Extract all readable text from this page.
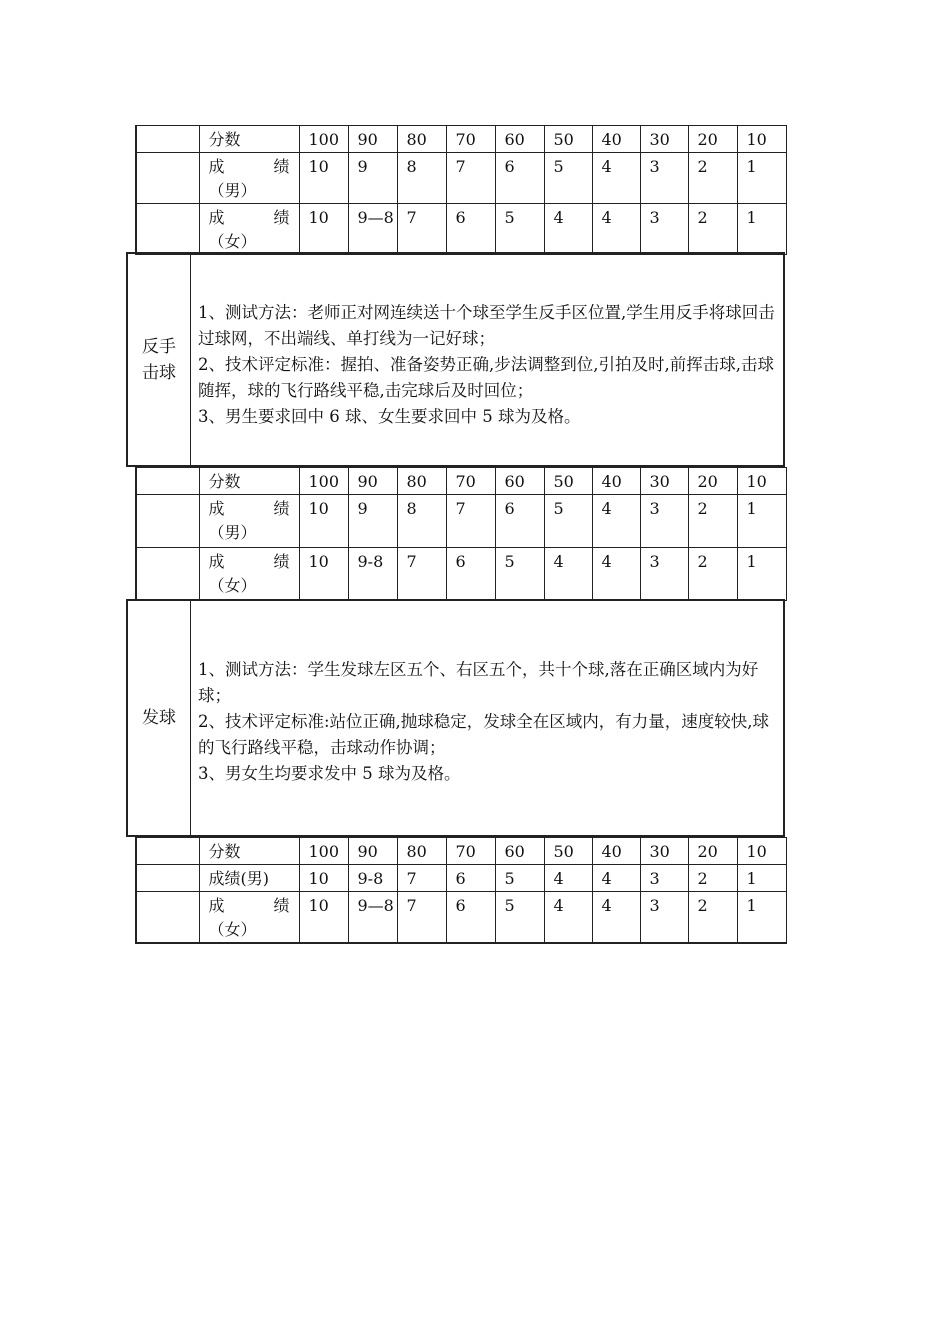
	分数	100	90	80	70	60	50	40	30	20	10

	成 绩
（男）	10	9	8	7	6	5	4	3	2	1

	成 绩
（女）	10	9—8	7	6	5	4	4	3	2	1
反手
击球

1、测试方法：老师正对网连续送十个球至学生反手区位置,学生用反手将球回击过球网，不出端线、单打线为一记好球；

2、技术评定标准：握拍、准备姿势正确,步法调整到位,引拍及时,前挥击球,击球随挥，球的飞行路线平稳,击完球后及时回位；

3、男生要求回中 6 球、女生要求回中 5 球为及格。

	分数	100	90	80	70	60	50	40	30	20	10

	成 绩
（男）	10	9	8	7	6	5	4	3	2	1

	成 绩
（女）	10	9-8	7	6	5	4	4	3	2	1
发球

1、测试方法：学生发球左区五个、右区五个，共十个球,落在正确区域内为好球；

2、技术评定标准:站位正确,抛球稳定，发球全在区域内，有力量，速度较快,球的飞行路线平稳，击球动作协调；

3、男女生均要求发中 5 球为及格。

	分数	100	90	80	70	60	50	40	30	20	10
	成绩(男)	10	9-8	7	6	5	4	4	3	2	1

	成 绩
（女）	10	9—8	7	6	5	4	4	3	2	1
